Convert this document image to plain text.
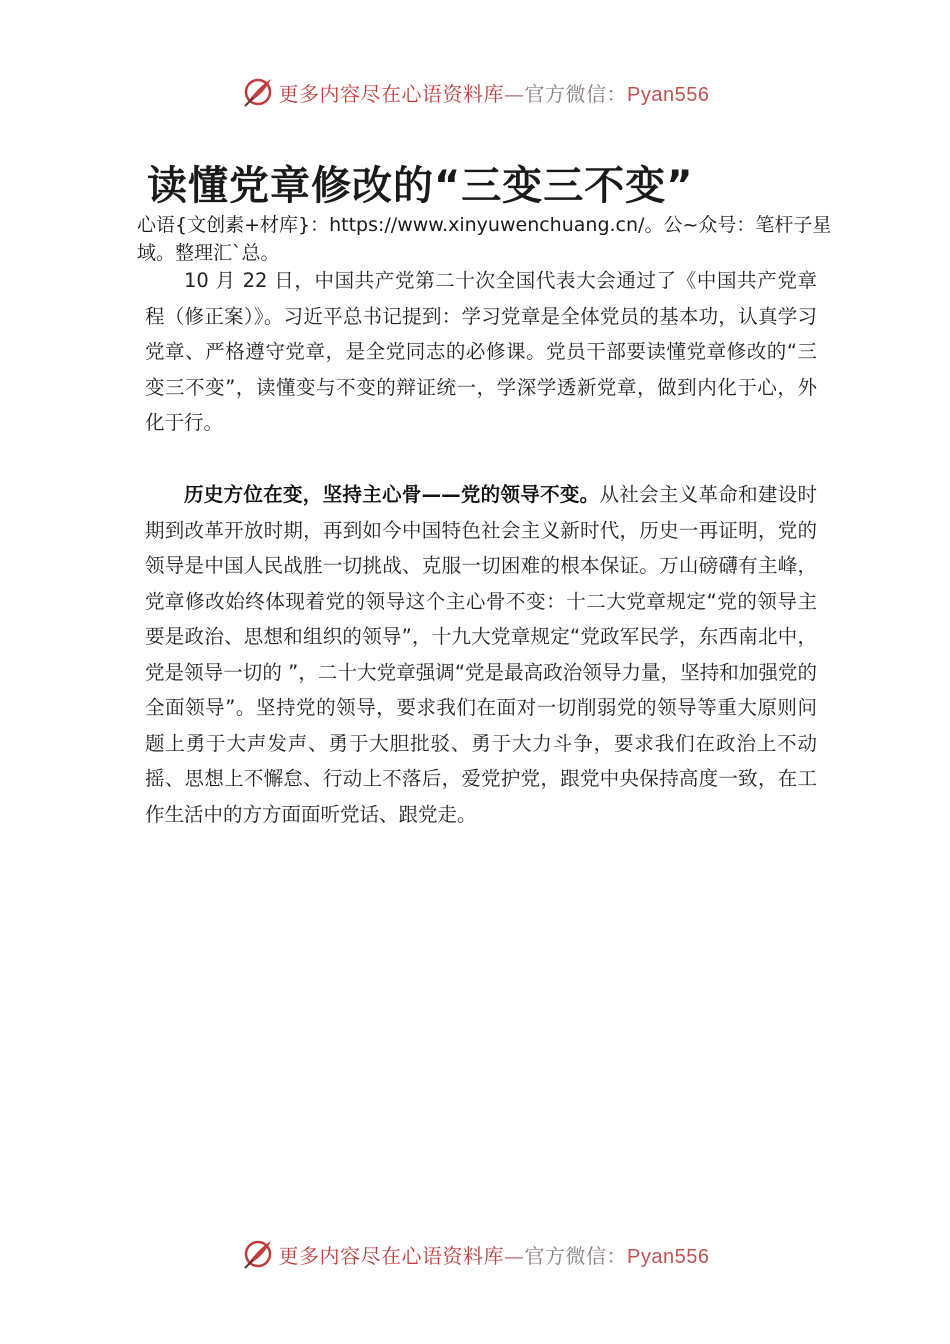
更多内容尽在心语资料库—官方微信：Pyan556
读懂党章修改的“三变三不变”

心语{文创素+材库}：https://www.xinyuwenchuang.cn/。公~众号：笔杆子星域。整理汇`总。

10 月 22 日，中国共产党第二十次全国代表大会通过了《中国共产党章程（修正案）》。习近平总书记提到：学习党章是全体党员的基本功，认真学习党章、严格遵守党章，是全党同志的必修课。党员干部要读懂党章修改的“三变三不变”，读懂变与不变的辩证统一，学深学透新党章，做到内化于心，外化于行。

历史方位在变，坚持主心骨——党的领导不变。从社会主义革命和建设时期到改革开放时期，再到如今中国特色社会主义新时代，历史一再证明，党的领导是中国人民战胜一切挑战、克服一切困难的根本保证。万山磅礴有主峰，党章修改始终体现着党的领导这个主心骨不变：十二大党章规定“党的领导主要是政治、思想和组织的领导”，十九大党章规定“党政军民学，东西南北中，党是领导一切的 ”，二十大党章强调“党是最高政治领导力量，坚持和加强党的全面领导”。坚持党的领导，要求我们在面对一切削弱党的领导等重大原则问题上勇于大声发声、勇于大胆批驳、勇于大力斗争，要求我们在政治上不动摇、思想上不懈怠、行动上不落后，爱党护党，跟党中央保持高度一致，在工作生活中的方方面面听党话、跟党走。

更多内容尽在心语资料库—官方微信：Pyan556
